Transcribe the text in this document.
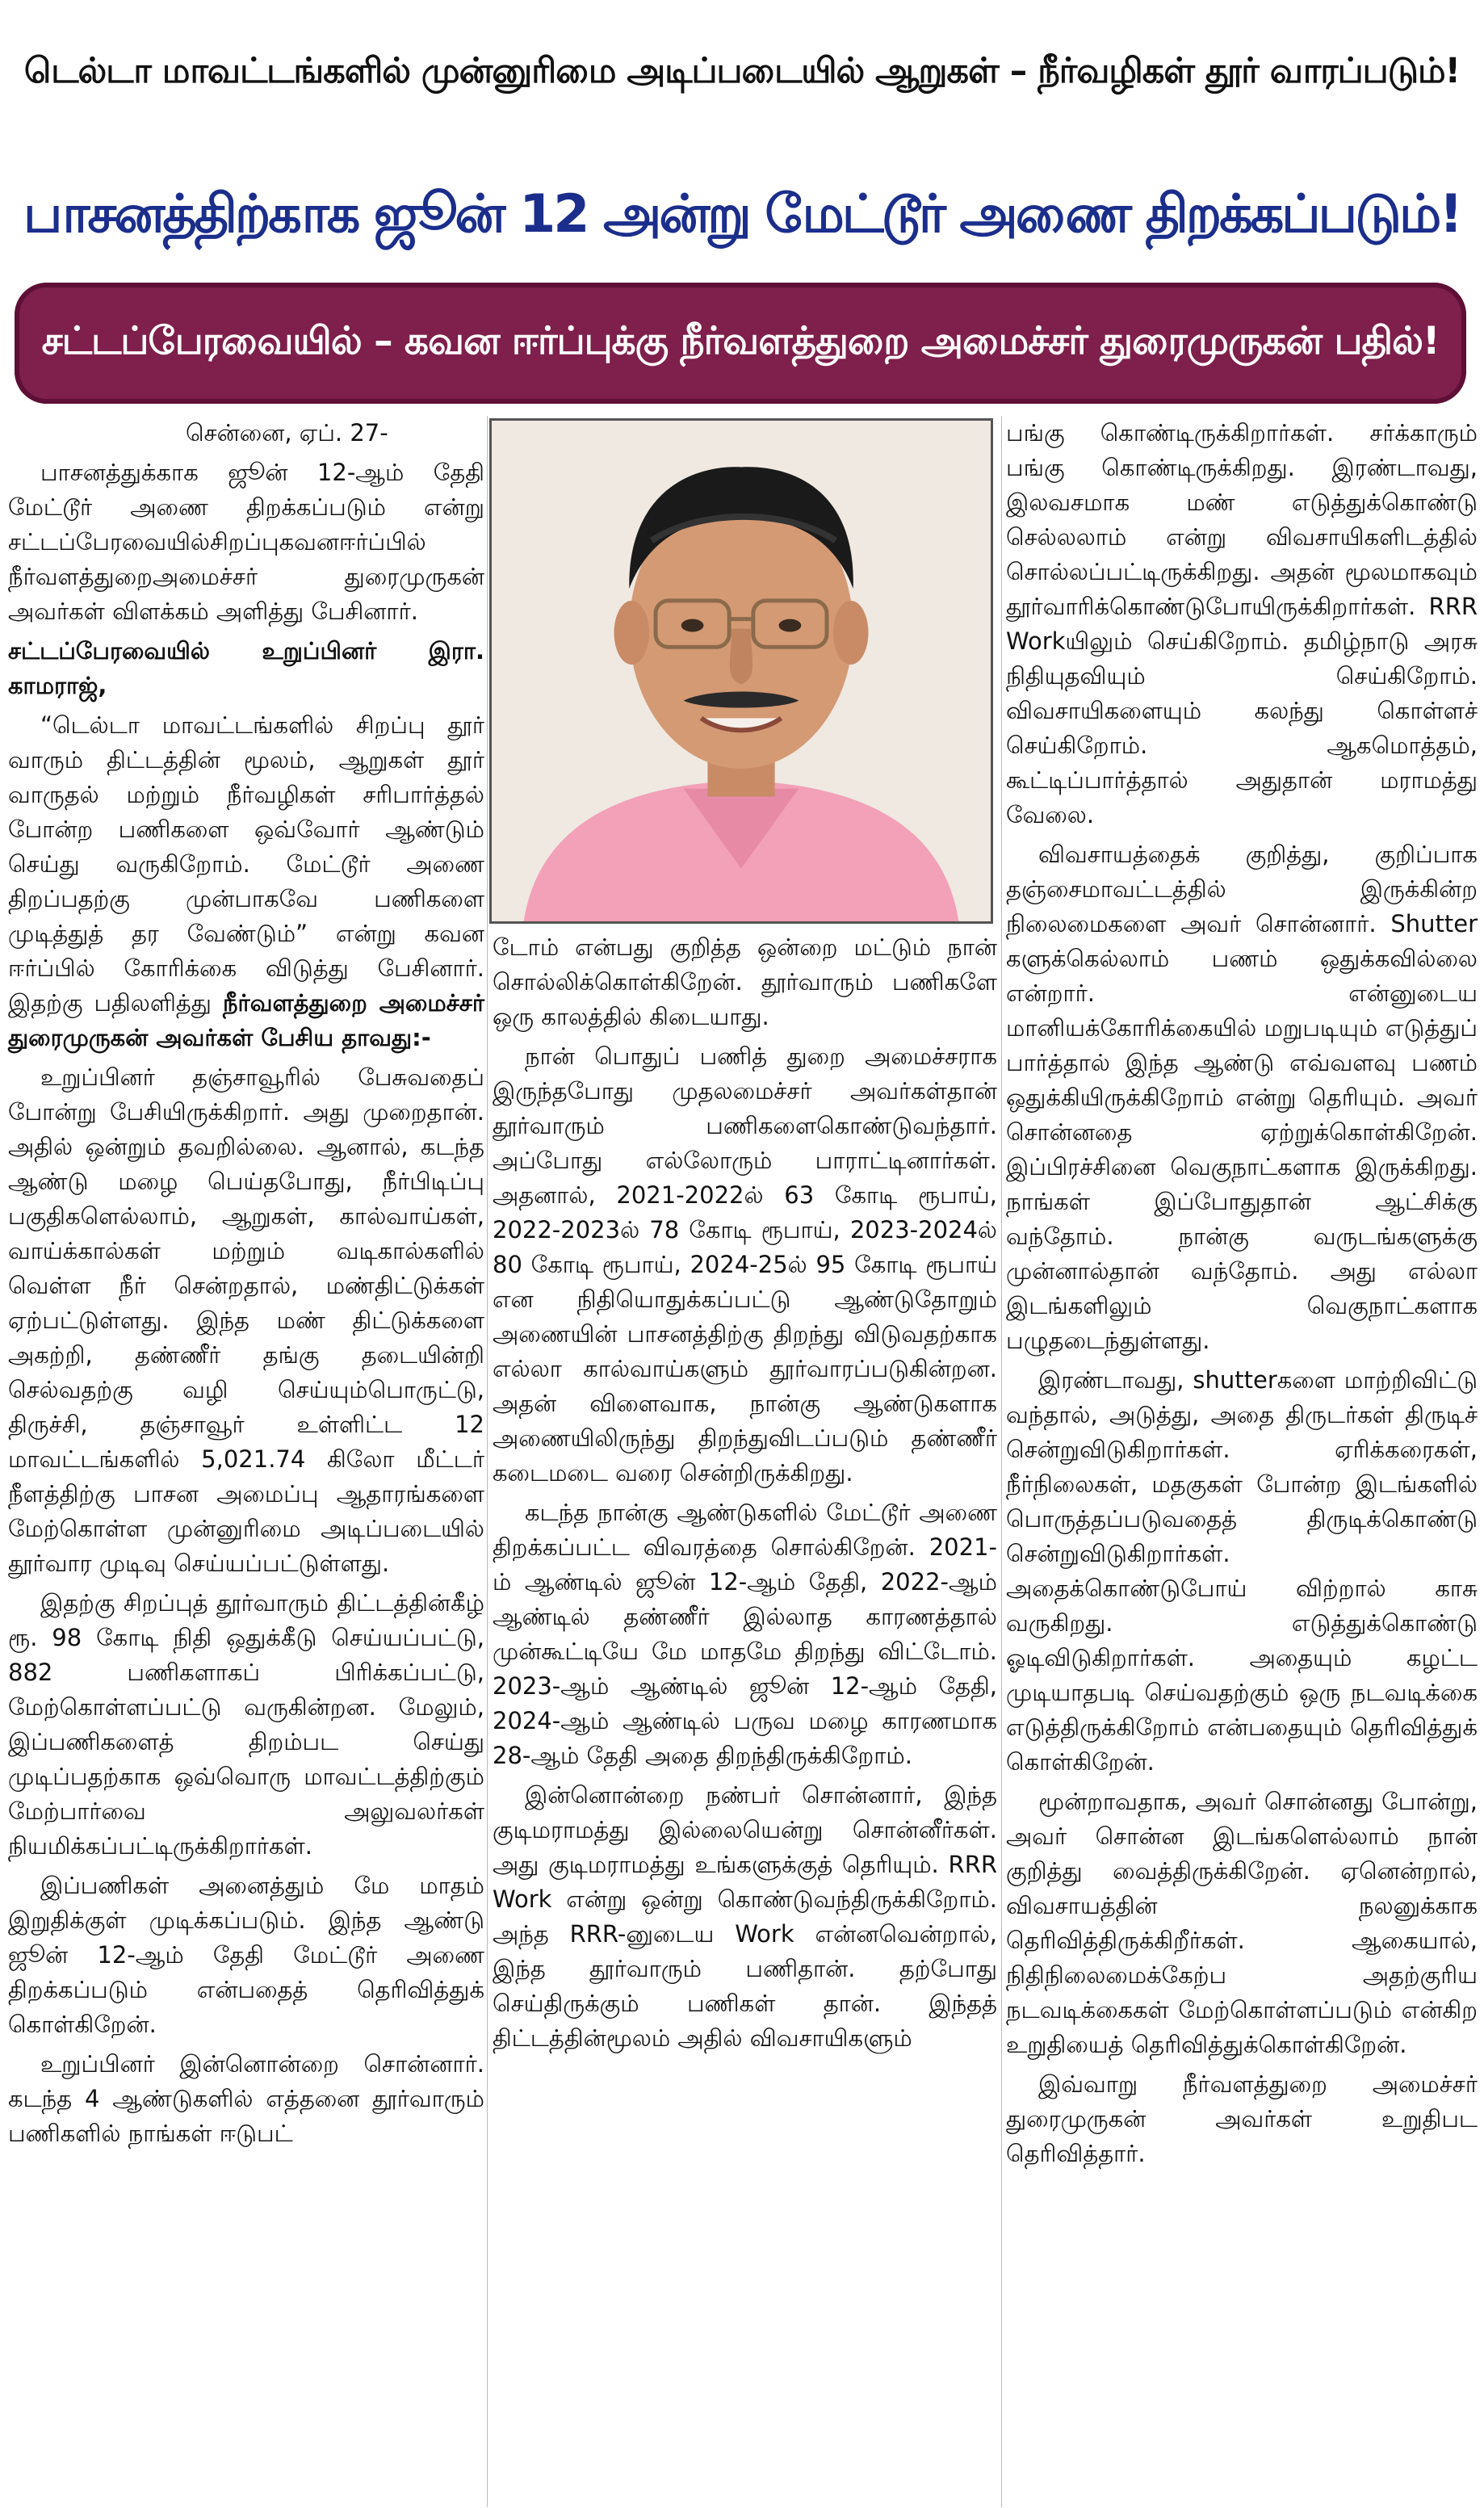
டெல்டா மாவட்டங்களில் முன்னுரிமை அடிப்படையில் ஆறுகள் – நீர்வழிகள் தூர் வாரப்படும்!
பாசனத்திற்காக ஜூன் 12 அன்று மேட்டூர் அணை திறக்கப்படும்!
சட்டப்பேரவையில் – கவன ஈர்ப்புக்கு நீர்வளத்துறை அமைச்சர் துரைமுருகன் பதில்!

சென்னை, ஏப். 27-

பாசனத்துக்காக ஜூன் 12-ஆம் தேதி மேட்டூர் அணை திறக்கப்படும் என்று சட்டப்பேரவையில்சிறப்புகவனஈர்ப்பில் நீர்வளத்துறைஅமைச்சர் துரைமுருகன் அவர்கள் விளக்கம் அளித்து பேசினார்.

சட்டப்பேரவையில் உறுப்பினர் இரா. காமராஜ்,

“டெல்டா மாவட்டங்களில் சிறப்பு தூர் வாரும் திட்டத்தின் மூலம், ஆறுகள் தூர் வாருதல் மற்றும் நீர்வழிகள் சரிபார்த்தல் போன்ற பணிகளை ஒவ்வோர் ஆண்டும் செய்து வருகிறோம். மேட்டூர் அணை திறப்பதற்கு முன்பாகவே பணிகளை முடித்துத் தர வேண்டும்” என்று கவன ஈர்ப்பில் கோரிக்கை விடுத்து பேசினார். இதற்கு பதிலளித்து நீர்வளத்துறை அமைச்சர் துரைமுருகன் அவர்கள் பேசிய தாவது:-

உறுப்பினர் தஞ்சாவூரில் பேசுவதைப் போன்று பேசியிருக்கிறார். அது முறைதான். அதில் ஒன்றும் தவறில்லை. ஆனால், கடந்த ஆண்டு மழை பெய்தபோது, நீர்பிடிப்பு பகுதிகளெல்லாம், ஆறுகள், கால்வாய்கள், வாய்க்கால்கள் மற்றும் வடிகால்களில் வெள்ள நீர் சென்றதால், மண்திட்டுக்கள் ஏற்பட்டுள்ளது. இந்த மண் திட்டுக்களை அகற்றி, தண்ணீர் தங்கு தடையின்றி செல்வதற்கு வழி செய்யும்பொருட்டு, திருச்சி, தஞ்சாவூர் உள்ளிட்ட 12 மாவட்டங்களில் 5,021.74 கிலோ மீட்டர் நீளத்திற்கு பாசன அமைப்பு ஆதாரங்களை மேற்கொள்ள முன்னுரிமை அடிப்படையில் தூர்வார முடிவு செய்யப்பட்டுள்ளது.

இதற்கு சிறப்புத் தூர்வாரும் திட்டத்தின்கீழ் ரூ. 98 கோடி நிதி ஒதுக்கீடு செய்யப்பட்டு, 882 பணிகளாகப் பிரிக்கப்பட்டு, மேற்கொள்ளப்பட்டு வருகின்றன. மேலும், இப்பணிகளைத் திறம்பட செய்து முடிப்பதற்காக ஒவ்வொரு மாவட்டத்திற்கும் மேற்பார்வை அலுவலர்கள் நியமிக்கப்பட்டிருக்கிறார்கள்.

இப்பணிகள் அனைத்தும் மே மாதம் இறுதிக்குள் முடிக்கப்படும். இந்த ஆண்டு ஜூன் 12-ஆம் தேதி மேட்டூர் அணை திறக்கப்படும் என்பதைத் தெரிவித்துக் கொள்கிறேன்.

உறுப்பினர் இன்னொன்றை சொன்னார். கடந்த 4 ஆண்டுகளில் எத்தனை தூர்வாரும் பணிகளில் நாங்கள் ஈடுபட்

டோம் என்பது குறித்த ஒன்றை மட்டும் நான் சொல்லிக்கொள்கிறேன். தூர்வாரும் பணிகளே ஒரு காலத்தில் கிடையாது.

நான் பொதுப் பணித் துறை அமைச்சராக இருந்தபோது முதலமைச்சர் அவர்கள்தான் தூர்வாரும் பணிகளைகொண்டுவந்தார். அப்போது எல்லோரும் பாராட்டினார்கள். அதனால், 2021-2022ல் 63 கோடி ரூபாய், 2022-2023ல் 78 கோடி ரூபாய், 2023-2024ல் 80 கோடி ரூபாய், 2024-25ல் 95 கோடி ரூபாய் என நிதியொதுக்கப்பட்டு ஆண்டுதோறும் அணையின் பாசனத்திற்கு திறந்து விடுவதற்காக எல்லா கால்வாய்களும் தூர்வாரப்படுகின்றன. அதன் விளைவாக, நான்கு ஆண்டுகளாக அணையிலிருந்து திறந்துவிடப்படும் தண்ணீர் கடைமடை வரை சென்றிருக்கிறது.

கடந்த நான்கு ஆண்டுகளில் மேட்டூர் அணை திறக்கப்பட்ட விவரத்தை சொல்கிறேன். 2021-ம் ஆண்டில் ஜூன் 12-ஆம் தேதி, 2022-ஆம் ஆண்டில் தண்ணீர் இல்லாத காரணத்தால் முன்கூட்டியே மே மாதமே திறந்து விட்டோம். 2023-ஆம் ஆண்டில் ஜூன் 12-ஆம் தேதி, 2024-ஆம் ஆண்டில் பருவ மழை காரணமாக 28-ஆம் தேதி அதை திறந்திருக்கிறோம்.

இன்னொன்றை நண்பர் சொன்னார், இந்த குடிமராமத்து இல்லையென்று சொன்னீர்கள். அது குடிமராமத்து உங்களுக்குத் தெரியும். RRR Work என்று ஒன்று கொண்டுவந்திருக்கிறோம். அந்த RRR-னுடைய Work என்னவென்றால், இந்த தூர்வாரும் பணிதான். தற்போது செய்திருக்கும் பணிகள் தான். இந்தத் திட்டத்தின்மூலம் அதில் விவசாயிகளும்

பங்கு கொண்டிருக்கிறார்கள். சர்க்காரும் பங்கு கொண்டிருக்கிறது. இரண்டாவது, இலவசமாக மண் எடுத்துக்கொண்டு செல்லலாம் என்று விவசாயிகளிடத்தில் சொல்லப்பட்டிருக்கிறது. அதன் மூலமாகவும் தூர்வாரிக்கொண்டுபோயிருக்கிறார்கள். RRR Workயிலும் செய்கிறோம். தமிழ்நாடு அரசு நிதியுதவியும் செய்கிறோம். விவசாயிகளையும் கலந்து கொள்ளச் செய்கிறோம். ஆகமொத்தம், கூட்டிப்பார்த்தால் அதுதான் மராமத்து வேலை.

விவசாயத்தைக் குறித்து, குறிப்பாக தஞ்சைமாவட்டத்தில் இருக்கின்ற நிலைமைகளை அவர் சொன்னார். Shutter களுக்கெல்லாம் பணம் ஒதுக்கவில்லை என்றார். என்னுடைய மானியக்கோரிக்கையில் மறுபடியும் எடுத்துப் பார்த்தால் இந்த ஆண்டு எவ்வளவு பணம் ஒதுக்கியிருக்கிறோம் என்று தெரியும். அவர் சொன்னதை ஏற்றுக்கொள்கிறேன். இப்பிரச்சினை வெகுநாட்களாக இருக்கிறது. நாங்கள் இப்போதுதான் ஆட்சிக்கு வந்தோம். நான்கு வருடங்களுக்கு முன்னால்தான் வந்தோம். அது எல்லா இடங்களிலும் வெகுநாட்களாக பழுதடைந்துள்ளது.

இரண்டாவது, shutterகளை மாற்றிவிட்டு வந்தால், அடுத்து, அதை திருடர்கள் திருடிச் சென்றுவிடுகிறார்கள். ஏரிக்கரைகள், நீர்நிலைகள், மதகுகள் போன்ற இடங்களில் பொருத்தப்படுவதைத் திருடிக்கொண்டு சென்றுவிடுகிறார்கள். அதைக்கொண்டுபோய் விற்றால் காசு வருகிறது. எடுத்துக்கொண்டு ஓடிவிடுகிறார்கள். அதையும் கழட்ட முடியாதபடி செய்வதற்கும் ஒரு நடவடிக்கை எடுத்திருக்கிறோம் என்பதையும் தெரிவித்துக் கொள்கிறேன்.

மூன்றாவதாக, அவர் சொன்னது போன்று, அவர் சொன்ன இடங்களெல்லாம் நான் குறித்து வைத்திருக்கிறேன். ஏனென்றால், விவசாயத்தின் நலனுக்காக தெரிவித்திருக்கிறீர்கள். ஆகையால், நிதிநிலைமைக்கேற்ப அதற்குரிய நடவடிக்கைகள் மேற்கொள்ளப்படும் என்கிற உறுதியைத் தெரிவித்துக்கொள்கிறேன்.

இவ்வாறு நீர்வளத்துறை அமைச்சர் துரைமுருகன் அவர்கள் உறுதிபட தெரிவித்தார்.
